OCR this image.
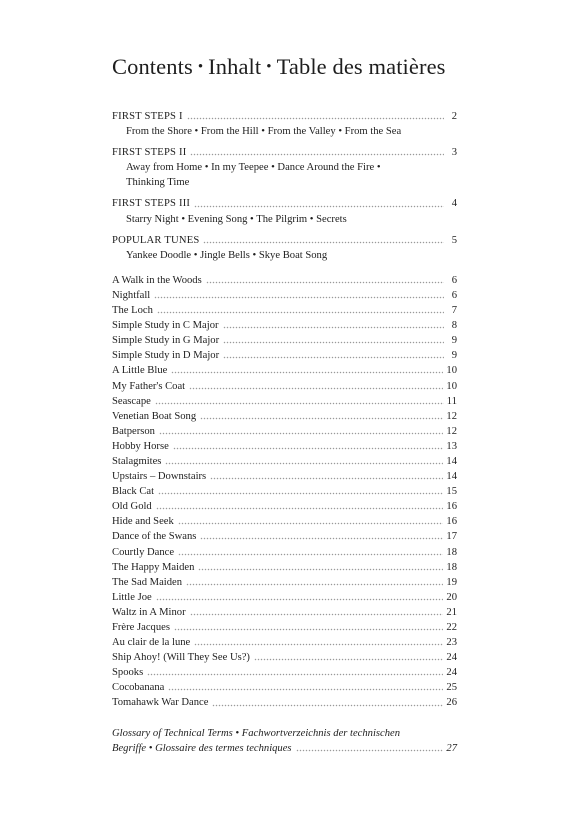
Contents • Inhalt • Table des matières
FIRST STEPS I	2
From the Shore • From the Hill • From the Valley • From the Sea
FIRST STEPS II	3
Away from Home • In my Teepee • Dance Around the Fire •
Thinking Time
FIRST STEPS III	4
Starry Night • Evening Song • The Pilgrim • Secrets
POPULAR TUNES	5
Yankee Doodle • Jingle Bells • Skye Boat Song
A Walk in the Woods	6
Nightfall	6
The Loch	7
Simple Study in C Major	8
Simple Study in G Major	9
Simple Study in D Major	9
A Little Blue	10
My Father's Coat	10
Seascape	11
Venetian Boat Song	12
Batperson	12
Hobby Horse	13
Stalagmites	14
Upstairs – Downstairs	14
Black Cat	15
Old Gold	16
Hide and Seek	16
Dance of the Swans	17
Courtly Dance	18
The Happy Maiden	18
The Sad Maiden	19
Little Joe	20
Waltz in A Minor	21
Frère Jacques	22
Au clair de la lune	23
Ship Ahoy! (Will They See Us?)	24
Spooks	24
Cocobanana	25
Tomahawk War Dance	26
Glossary of Technical Terms • Fachwortverzeichnis der technischen
Begriffe • Glossaire des termes techniques	27
